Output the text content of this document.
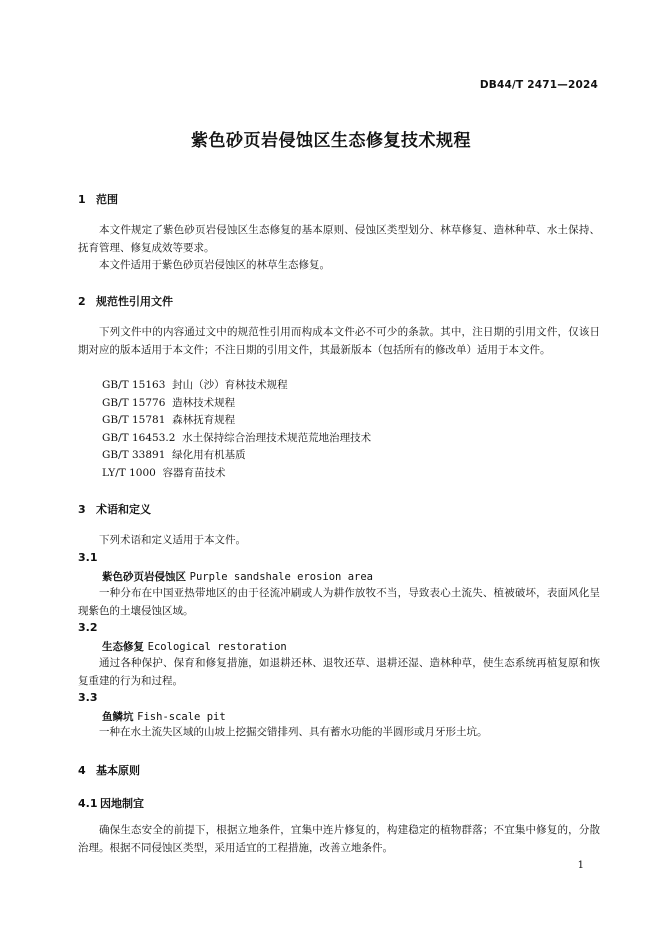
DB44/T 2471—2024
紫色砂页岩侵蚀区生态修复技术规程
1 范围
本文件规定了紫色砂页岩侵蚀区生态修复的基本原则、侵蚀区类型划分、林草修复、造林种草、水土保持、抚育管理、修复成效等要求。
本文件适用于紫色砂页岩侵蚀区的林草生态修复。
2 规范性引用文件
下列文件中的内容通过文中的规范性引用而构成本文件必不可少的条款。其中，注日期的引用文件，仅该日期对应的版本适用于本文件；不注日期的引用文件，其最新版本（包括所有的修改单）适用于本文件。
GB/T 15163 封山（沙）育林技术规程
GB/T 15776 造林技术规程
GB/T 15781 森林抚育规程
GB/T 16453.2 水土保持综合治理技术规范荒地治理技术
GB/T 33891 绿化用有机基质
LY/T 1000 容器育苗技术
3 术语和定义
下列术语和定义适用于本文件。
3.1
紫色砂页岩侵蚀区 Purple sandshale erosion area
一种分布在中国亚热带地区的由于径流冲刷或人为耕作放牧不当，导致表心土流失、植被破坏，表面风化呈现紫色的土壤侵蚀区域。
3.2
生态修复 Ecological restoration
通过各种保护、保育和修复措施，如退耕还林、退牧还草、退耕还湿、造林种草，使生态系统再植复原和恢复重建的行为和过程。
3.3
鱼鳞坑 Fish-scale pit
一种在水土流失区域的山坡上挖掘交错排列、具有蓄水功能的半圆形或月牙形土坑。
4 基本原则
4.1 因地制宜
确保生态安全的前提下，根据立地条件，宜集中连片修复的，构建稳定的植物群落；不宜集中修复的，分散治理。根据不同侵蚀区类型，采用适宜的工程措施，改善立地条件。
1
